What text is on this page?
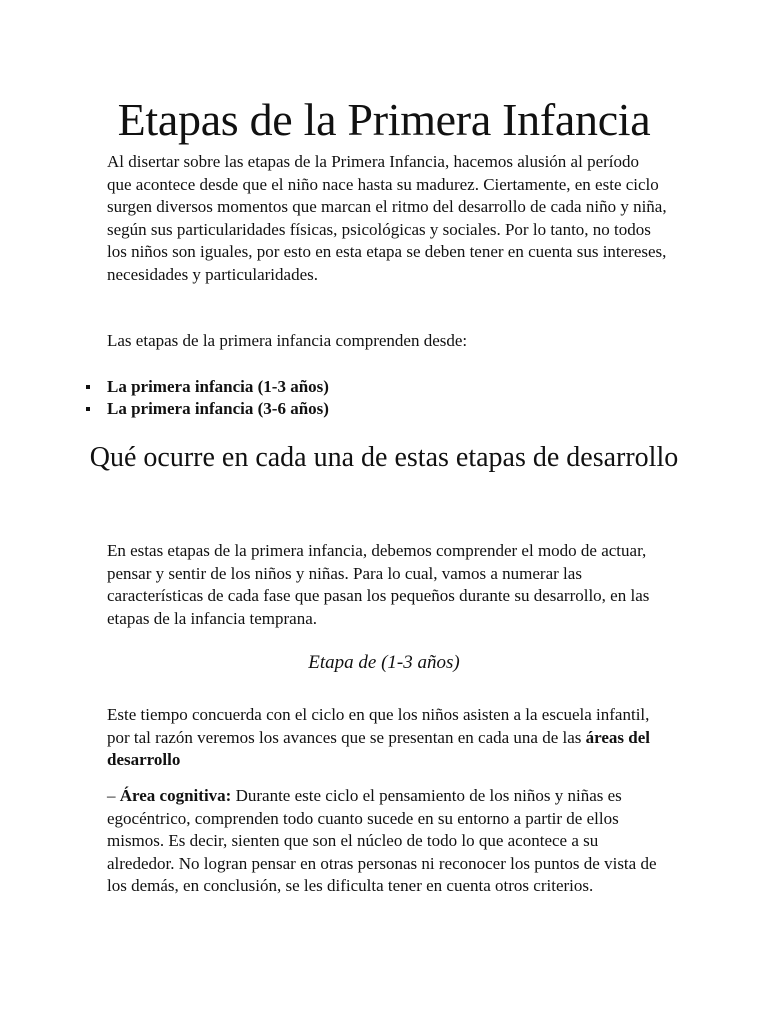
Etapas de la Primera Infancia

Al disertar sobre las etapas de la Primera Infancia, hacemos alusión al período que acontece desde que el niño nace hasta su madurez. Ciertamente, en este ciclo surgen diversos momentos que marcan el ritmo del desarrollo de cada niño y niña, según sus particularidades físicas, psicológicas y sociales. Por lo tanto, no todos los niños son iguales, por esto en esta etapa se deben tener en cuenta sus intereses, necesidades y particularidades.

Las etapas de la primera infancia comprenden desde:

La primera infancia (1-3 años)
La primera infancia (3-6 años)
Qué ocurre en cada una de estas etapas de desarrollo

En estas etapas de la primera infancia, debemos comprender el modo de actuar, pensar y sentir de los niños y niñas. Para lo cual, vamos a numerar las características de cada fase que pasan los pequeños durante su desarrollo, en las etapas de la infancia temprana.

Etapa de (1-3 años)

Este tiempo concuerda con el ciclo en que los niños asisten a la escuela infantil, por tal razón veremos los avances que se presentan en cada una de las áreas del desarrollo

– Área cognitiva: Durante este ciclo el pensamiento de los niños y niñas es egocéntrico, comprenden todo cuanto sucede en su entorno a partir de ellos mismos. Es decir, sienten que son el núcleo de todo lo que acontece a su alrededor. No logran pensar en otras personas ni reconocer los puntos de vista de los demás, en conclusión, se les dificulta tener en cuenta otros criterios.
